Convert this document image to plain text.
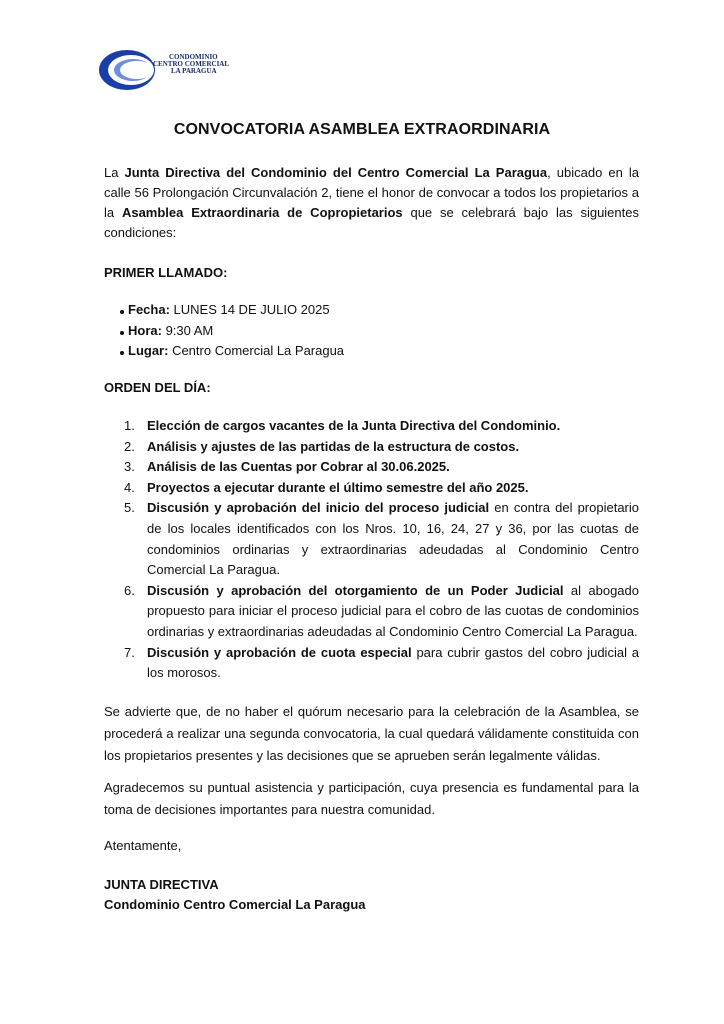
CONDOMINIO
CENTRO COMERCIAL
LA PARAGUA
CONVOCATORIA ASAMBLEA EXTRAORDINARIA
La Junta Directiva del Condominio del Centro Comercial La Paragua, ubicado en la calle 56 Prolongación Circunvalación 2, tiene el honor de convocar a todos los propietarios a la Asamblea Extraordinaria de Copropietarios que se celebrará bajo las siguientes condiciones:
PRIMER LLAMADO:
Fecha: LUNES 14 DE JULIO 2025
Hora: 9:30 AM
Lugar: Centro Comercial La Paragua
ORDEN DEL DÍA:
1. Elección de cargos vacantes de la Junta Directiva del Condominio.
2. Análisis y ajustes de las partidas de la estructura de costos.
3. Análisis de las Cuentas por Cobrar al 30.06.2025.
4. Proyectos a ejecutar durante el último semestre del año 2025.
5. Discusión y aprobación del inicio del proceso judicial en contra del propietario de los locales identificados con los Nros. 10, 16, 24, 27 y 36, por las cuotas de condominios ordinarias y extraordinarias adeudadas al Condominio Centro Comercial La Paragua.
6. Discusión y aprobación del otorgamiento de un Poder Judicial al abogado propuesto para iniciar el proceso judicial para el cobro de las cuotas de condominios ordinarias y extraordinarias adeudadas al Condominio Centro Comercial La Paragua.
7. Discusión y aprobación de cuota especial para cubrir gastos del cobro judicial a los morosos.
Se advierte que, de no haber el quórum necesario para la celebración de la Asamblea, se procederá a realizar una segunda convocatoria, la cual quedará válidamente constituida con los propietarios presentes y las decisiones que se aprueben serán legalmente válidas.
Agradecemos su puntual asistencia y participación, cuya presencia es fundamental para la toma de decisiones importantes para nuestra comunidad.
Atentamente,
JUNTA DIRECTIVA
Condominio Centro Comercial La Paragua
